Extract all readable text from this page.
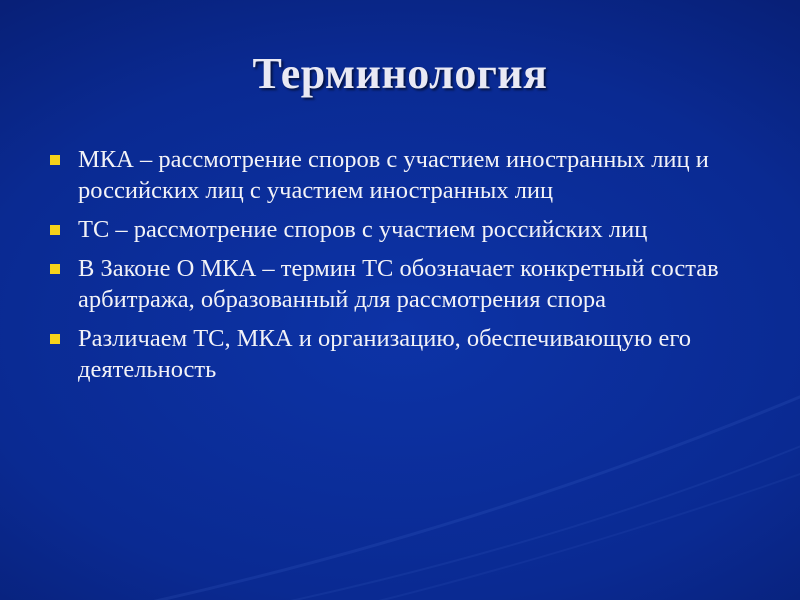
Терминология
МКА – рассмотрение споров с участием иностранных лиц и российских лиц с участием иностранных лиц
ТС – рассмотрение споров с участием российских лиц
В Законе О МКА – термин ТС обозначает конкретный состав арбитража, образованный для рассмотрения спора
Различаем ТС, МКА и организацию, обеспечивающую его деятельность
